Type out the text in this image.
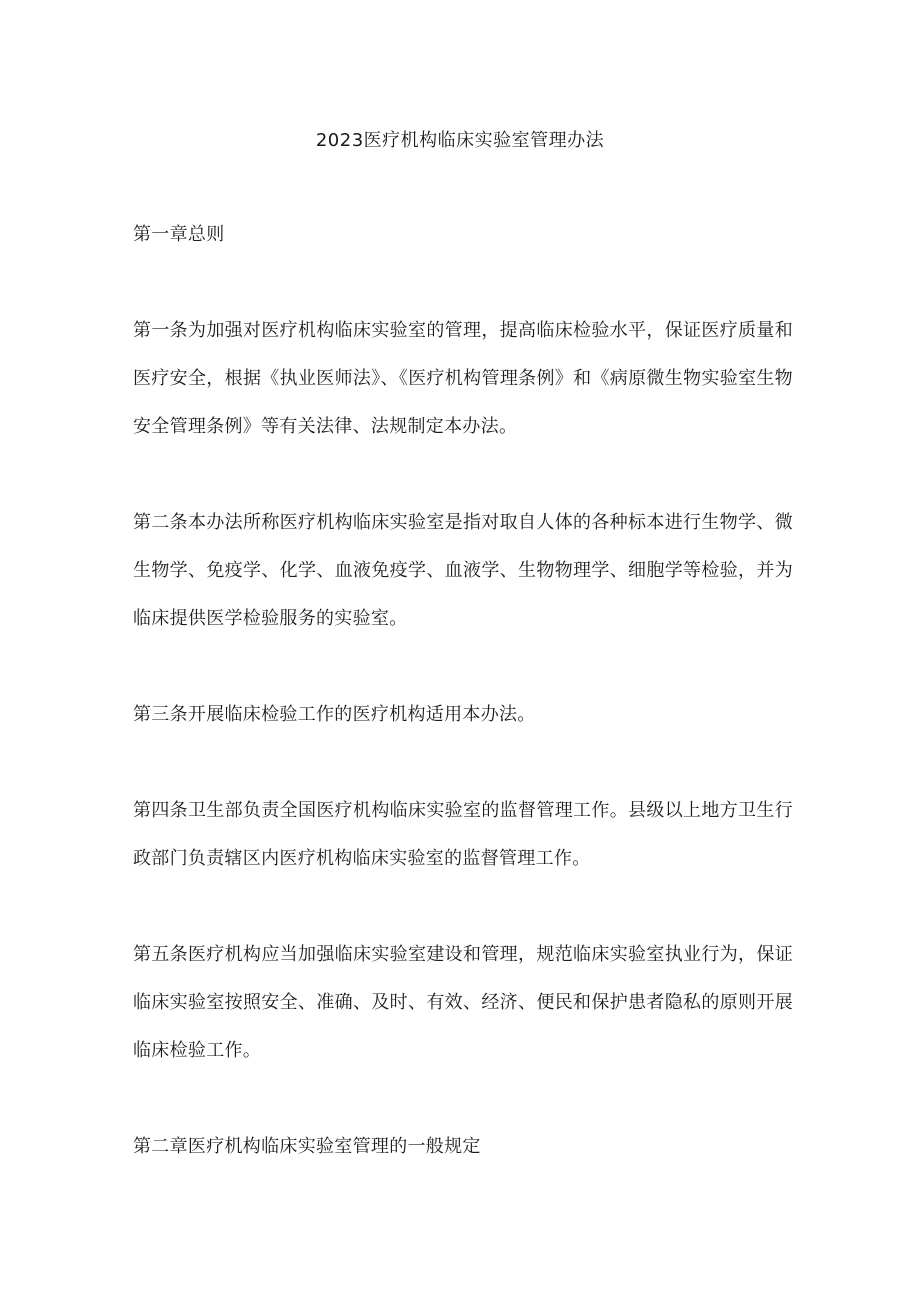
2023医疗机构临床实验室管理办法

第一章总则

第一条为加强对医疗机构临床实验室的管理，提高临床检验水平，保证医疗质量和医疗安全，根据《执业医师法》、《医疗机构管理条例》和《病原微生物实验室生物安全管理条例》等有关法律、法规制定本办法。

第二条本办法所称医疗机构临床实验室是指对取自人体的各种标本进行生物学、微生物学、免疫学、化学、血液免疫学、血液学、生物物理学、细胞学等检验，并为临床提供医学检验服务的实验室。

第三条开展临床检验工作的医疗机构适用本办法。

第四条卫生部负责全国医疗机构临床实验室的监督管理工作。县级以上地方卫生行政部门负责辖区内医疗机构临床实验室的监督管理工作。

第五条医疗机构应当加强临床实验室建设和管理，规范临床实验室执业行为，保证临床实验室按照安全、准确、及时、有效、经济、便民和保护患者隐私的原则开展临床检验工作。

第二章医疗机构临床实验室管理的一般规定
